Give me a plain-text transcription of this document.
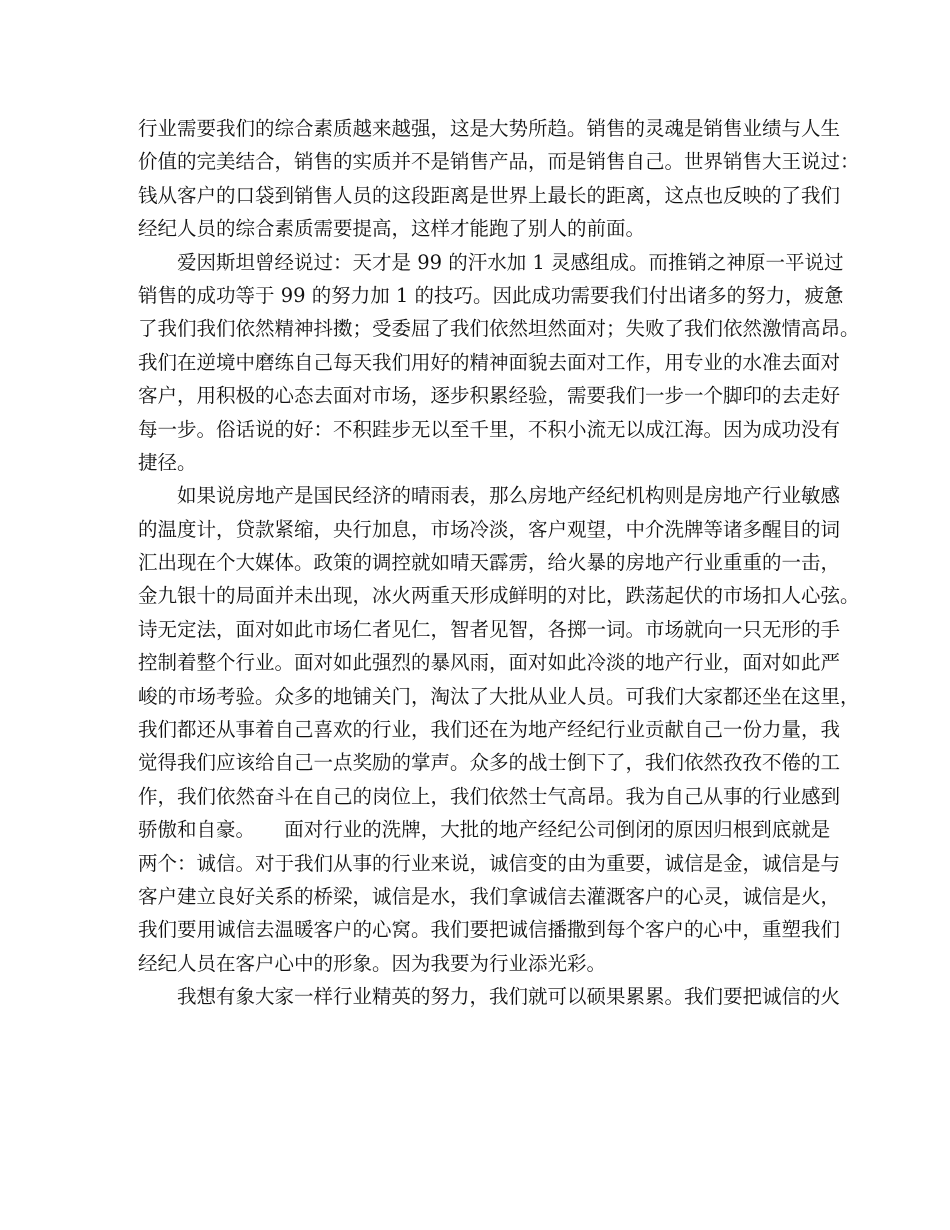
行业需要我们的综合素质越来越强，这是大势所趋。销售的灵魂是销售业绩与人生
价值的完美结合，销售的实质并不是销售产品，而是销售自己。世界销售大王说过：
钱从客户的口袋到销售人员的这段距离是世界上最长的距离，这点也反映的了我们
经纪人员的综合素质需要提高，这样才能跑了别人的前面。
　　爱因斯坦曾经说过：天才是 99 的汗水加 1 灵感组成。而推销之神原一平说过
销售的成功等于 99 的努力加 1 的技巧。因此成功需要我们付出诸多的努力，疲惫
了我们我们依然精神抖擞；受委屈了我们依然坦然面对；失败了我们依然激情高昂。
我们在逆境中磨练自己每天我们用好的精神面貌去面对工作，用专业的水准去面对
客户，用积极的心态去面对市场，逐步积累经验，需要我们一步一个脚印的去走好
每一步。俗话说的好：不积跬步无以至千里，不积小流无以成江海。因为成功没有
捷径。
　　如果说房地产是国民经济的晴雨表，那么房地产经纪机构则是房地产行业敏感
的温度计，贷款紧缩，央行加息，市场冷淡，客户观望，中介洗牌等诸多醒目的词
汇出现在个大媒体。政策的调控就如晴天霹雳，给火暴的房地产行业重重的一击，
金九银十的局面并未出现，冰火两重天形成鲜明的对比，跌荡起伏的市场扣人心弦。
诗无定法，面对如此市场仁者见仁，智者见智，各掷一词。市场就向一只无形的手
控制着整个行业。面对如此强烈的暴风雨，面对如此冷淡的地产行业，面对如此严
峻的市场考验。众多的地铺关门，淘汰了大批从业人员。可我们大家都还坐在这里，
我们都还从事着自己喜欢的行业，我们还在为地产经纪行业贡献自己一份力量，我
觉得我们应该给自己一点奖励的掌声。众多的战士倒下了，我们依然孜孜不倦的工
作，我们依然奋斗在自己的岗位上，我们依然士气高昂。我为自己从事的行业感到
骄傲和自豪。　　面对行业的洗牌，大批的地产经纪公司倒闭的原因归根到底就是
两个：诚信。对于我们从事的行业来说，诚信变的由为重要，诚信是金，诚信是与
客户建立良好关系的桥梁，诚信是水，我们拿诚信去灌溉客户的心灵，诚信是火，
我们要用诚信去温暖客户的心窝。我们要把诚信播撒到每个客户的心中，重塑我们
经纪人员在客户心中的形象。因为我要为行业添光彩。
　　我想有象大家一样行业精英的努力，我们就可以硕果累累。我们要把诚信的火
